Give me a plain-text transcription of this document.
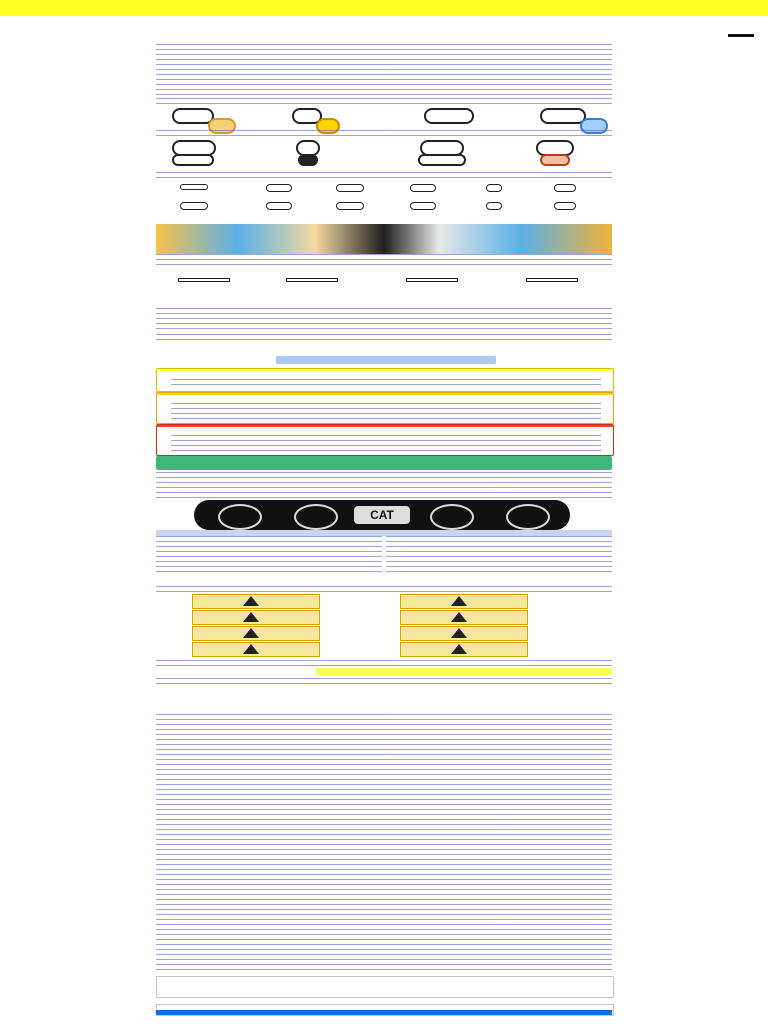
CAT
